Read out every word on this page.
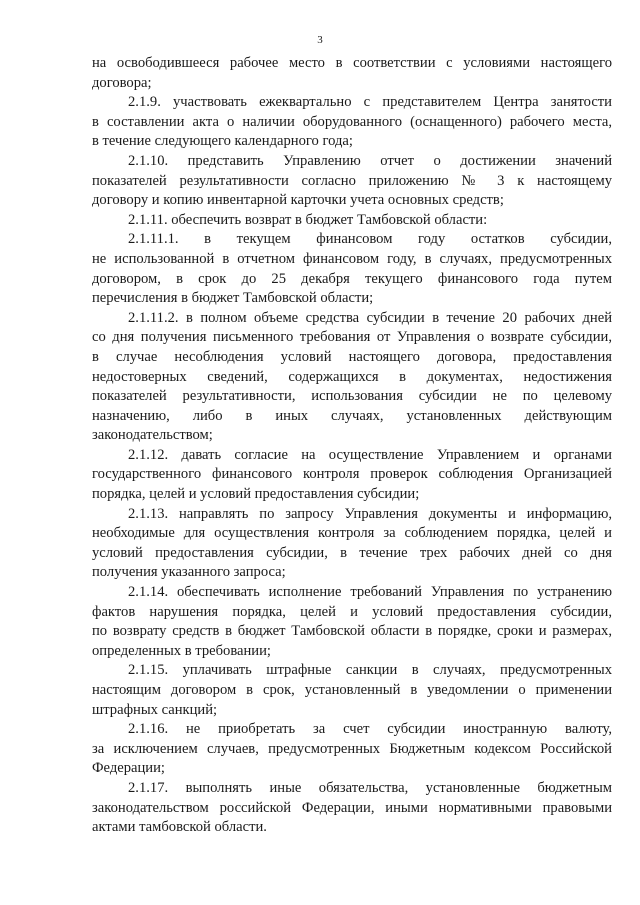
3
на освободившееся рабочее место в соответствии с условиями настоящего
договора;
2.1.9. участвовать ежеквартально с представителем Центра занятости
в составлении акта о наличии оборудованного (оснащенного) рабочего места,
в течение следующего календарного года;
2.1.10. представить Управлению отчет о достижении значений
показателей результативности согласно приложению № 3 к настоящему
договору и копию инвентарной карточки учета основных средств;
2.1.11. обеспечить возврат в бюджет Тамбовской области:
2.1.11.1. в текущем финансовом году остатков субсидии,
не использованной в отчетном финансовом году, в случаях, предусмотренных
договором, в срок до 25 декабря текущего финансового года путем
перечисления в бюджет Тамбовской области;
2.1.11.2. в полном объеме средства субсидии в течение 20 рабочих дней
со дня получения письменного требования от Управления о возврате субсидии,
в случае несоблюдения условий настоящего договора, предоставления
недостоверных сведений, содержащихся в документах, недостижения
показателей результативности, использования субсидии не по целевому
назначению, либо в иных случаях, установленных действующим
законодательством;
2.1.12. давать согласие на осуществление Управлением и органами
государственного финансового контроля проверок соблюдения Организацией
порядка, целей и условий предоставления субсидии;
2.1.13. направлять по запросу Управления документы и информацию,
необходимые для осуществления контроля за соблюдением порядка, целей и
условий предоставления субсидии, в течение трех рабочих дней со дня
получения указанного запроса;
2.1.14. обеспечивать исполнение требований Управления по устранению
фактов нарушения порядка, целей и условий предоставления субсидии,
по возврату средств в бюджет Тамбовской области в порядке, сроки и размерах,
определенных в требовании;
2.1.15. уплачивать штрафные санкции в случаях, предусмотренных
настоящим договором в срок, установленный в уведомлении о применении
штрафных санкций;
2.1.16. не приобретать за счет субсидии иностранную валюту,
за исключением случаев, предусмотренных Бюджетным кодексом Российской
Федерации;
2.1.17. выполнять иные обязательства, установленные бюджетным
законодательством российской Федерации, иными нормативными правовыми
актами тамбовской области.
